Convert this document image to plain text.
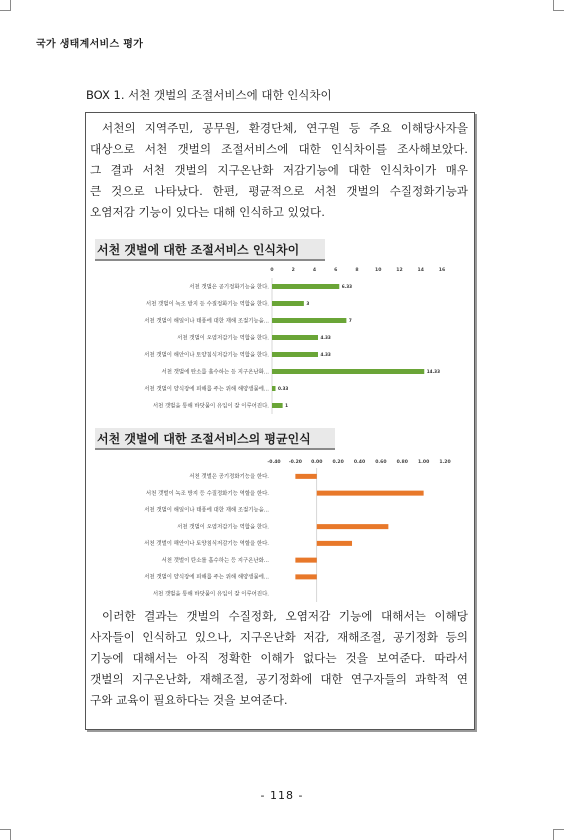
국가 생태계서비스 평가
BOX 1. 서천 갯벌의 조절서비스에 대한 인식차이
서천의 지역주민, 공무원, 환경단체, 연구원 등 주요 이해당사자을
대상으로 서천 갯벌의 조절서비스에 대한 인식차이를 조사해보았다.
그 결과 서천 갯벌의 지구온난화 저감기능에 대한 인식차이가 매우
큰 것으로 나타났다. 한편, 평균적으로 서천 갯벌의 수질정화기능과
오염저감 기능이 있다는 대해 인식하고 있었다.
서천 갯벌에 대한 조절서비스 인식차이
0	2	4	6	8	10	12	14	16
서천 갯벌은 공기정화기능을 한다.	6.33
서천 갯벌이 녹조 방지 등 수질정화기능 역할을 한다.	3
서천 갯벌이 해일이나 태풍에 대한 재해 조절기능을...	7
서천 갯벌이 오염저감기능 역할을 한다.	4.33
서천 갯벌이 해안이나 토양침식저감기능 역할을 한다.	4.33
서천 갯벌에 탄소를 흡수하는 등 지구온난화...	14.33
서천 갯벌이 양식장에 피해를 주는 위해 해양생물에... 0.33
서천 갯벌을 통해 바닷물이 유입이 잘 이루어진다.	1
서천 갯벌에 대한 조절서비스의 평균인식
-0.40 -0.20 0.00 0.20 0.40 0.60 0.80 1.00 1.20
서천 갯벌은 공기정화기능을 한다.
서천 갯벌이 녹조 방지 등 수질정화기능 역할을 한다.
서천 갯벌이 해일이나 태풍에 대한 재해 조절기능을...
서천 갯벌이 오염저감기능 역할을 한다.
서천 갯벌이 해안이나 토양침식저감기능 역할을 한다.
서천 갯벌이 탄소를 흡수하는 등 지구온난화...
서천 갯벌이 양식장에 피해를 주는 위해 해양생물에...
서천 갯벌을 통해 바닷물이 유입이 잘 이루어진다.
이러한 결과는 갯벌의 수질정화, 오염저감 기능에 대해서는 이해당
사자들이 인식하고 있으나, 지구온난화 저감, 재해조절, 공기정화 등의
기능에 대해서는 아직 정확한 이해가 없다는 것을 보여준다. 따라서
갯벌의 지구온난화, 재해조절, 공기정화에 대한 연구자들의 과학적 연
구와 교육이 필요하다는 것을 보여준다.
- 118 -
